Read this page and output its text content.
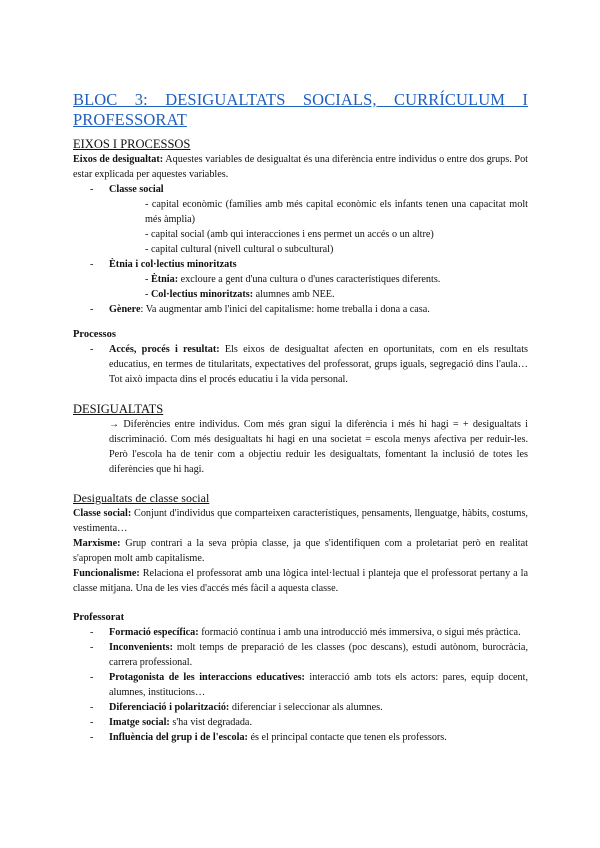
BLOC 3: DESIGUALTATS SOCIALS, CURRÍCULUM I
PROFESSORAT
EIXOS I PROCESSOS

Eixos de desigualtat: Aquestes variables de desigualtat és una diferència entre individus o entre dos grups. Pot estar explicada per aquestes variables.

- Classe social
- capital econòmic (famílies amb més capital econòmic els infants tenen una capacitat molt més àmplia)
- capital social (amb qui interacciones i ens permet un accés o un altre)
- capital cultural (nivell cultural o subcultural)
- Ètnia i col·lectius minoritzats
- Ètnia: excloure a gent d'una cultura o d'unes característiques diferents.
- Col·lectius minoritzats: alumnes amb NEE.
- Gènere: Va augmentar amb l'inici del capitalisme: home treballa i dona a casa.
Processos
- Accés, procés i resultat: Els eixos de desigualtat afecten en oportunitats, com en els resultats educatius, en termes de titularitats, expectatives del professorat, grups iguals, segregació dins l'aula… Tot això impacta dins el procés educatiu i la vida personal.
DESIGUALTATS

→ Diferències entre individus. Com més gran sigui la diferència i més hi hagi = + desigualtats i discriminació. Com més desigualtats hi hagi en una societat = escola menys afectiva per reduir-les. Però l'escola ha de tenir com a objectiu reduir les desigualtats, fomentant la inclusió de totes les diferències que hi hagi.

Desigualtats de classe social

Classe social: Conjunt d'individus que comparteixen característiques, pensaments, llenguatge, hàbits, costums, vestimenta…

Marxisme: Grup contrari a la seva pròpia classe, ja que s'identifiquen com a proletariat però en realitat s'apropen molt amb capitalisme.

Funcionalisme: Relaciona el professorat amb una lògica intel·lectual i planteja que el professorat pertany a la classe mitjana. Una de les vies d'accés més fàcil a aquesta classe.

Professorat
- Formació específica: formació contínua i amb una introducció més immersiva, o sigui més pràctica.
- Inconvenients: molt temps de preparació de les classes (poc descans), estudi autònom, burocràcia, carrera professional.
- Protagonista de les interaccions educatives: interacció amb tots els actors: pares, equip docent, alumnes, institucions…
- Diferenciació i polarització: diferenciar i seleccionar als alumnes.
- Imatge social: s'ha vist degradada.
- Influència del grup i de l'escola: és el principal contacte que tenen els professors.
